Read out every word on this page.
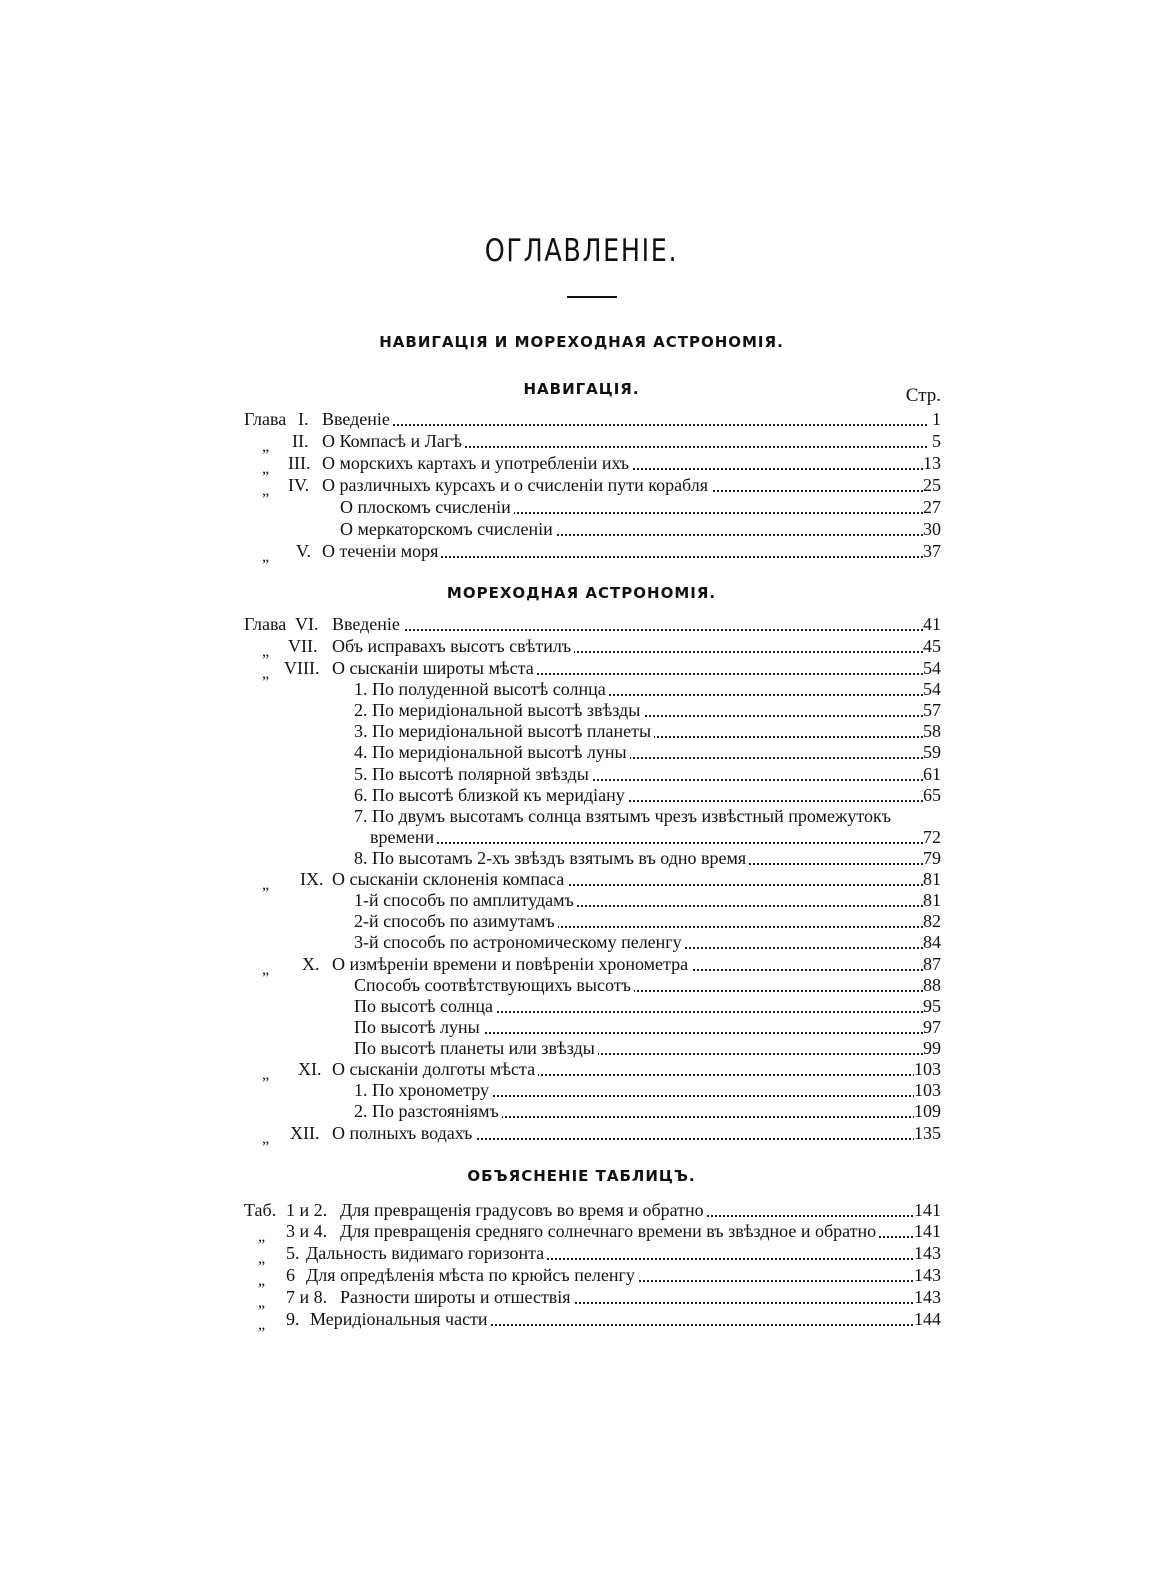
ОГЛАВЛЕНІЕ.
НАВИГАЦІЯ И МОРЕХОДНАЯ АСТРОНОМІЯ.
НАВИГАЦІЯ.	Стр.
Глава I. Введеніе	1
„ II. О Компасѣ и Лагѣ	5
„ III. О морскихъ картахъ и употребленіи ихъ	13
„ IV. О различныхъ курсахъ и о счисленіи пути корабля	25
О плоскомъ счисленіи	27
О меркаторскомъ счисленіи	30
„ V. О теченіи моря	37
МОРЕХОДНАЯ АСТРОНОМІЯ.
Глава VI. Введеніе	41
„ VII. Объ исправахъ высотъ свѣтилъ	45
„ VIII. О сысканіи широты мѣста	54
1. По полуденной высотѣ солнца	54
2. По меридіональной высотѣ звѣзды	57
3. По меридіональной высотѣ планеты	58
4. По меридіональной высотѣ луны	59
5. По высотѣ полярной звѣзды	61
6. По высотѣ близкой къ меридіану	65
7. По двумъ высотамъ солнца взятымъ чрезъ извѣстный промежутокъ
времени	72
8. По высотамъ 2-хъ звѣздъ взятымъ въ одно время	79
„ IX. О сысканіи склоненія компаса	81
1-й способъ по амплитудамъ	81
2-й способъ по азимутамъ	82
3-й способъ по астрономическому пеленгу	84
„ X. О измѣреніи времени и повѣреніи хронометра	87
Способъ соотвѣтствующихъ высотъ	88
По высотѣ солнца	95
По высотѣ луны	97
По высотѣ планеты или звѣзды	99
„ XI. О сысканіи долготы мѣста	103
1. По хронометру	103
2. По разстояніямъ	109
„ XII. О полныхъ водахъ	135
ОБЪЯСНЕНІЕ ТАБЛИЦЪ.
Таб. 1 и 2. Для превращенія градусовъ во время и обратно	141
„ 3 и 4. Для превращенія средняго солнечнаго времени въ звѣздное и обратно	141
„ 5. Дальность видимаго горизонта	143
„ 6 Для опредѣленія мѣста по крюйсъ пеленгу	143
„ 7 и 8. Разности широты и отшествія	143
„ 9. Меридіональныя части	144
